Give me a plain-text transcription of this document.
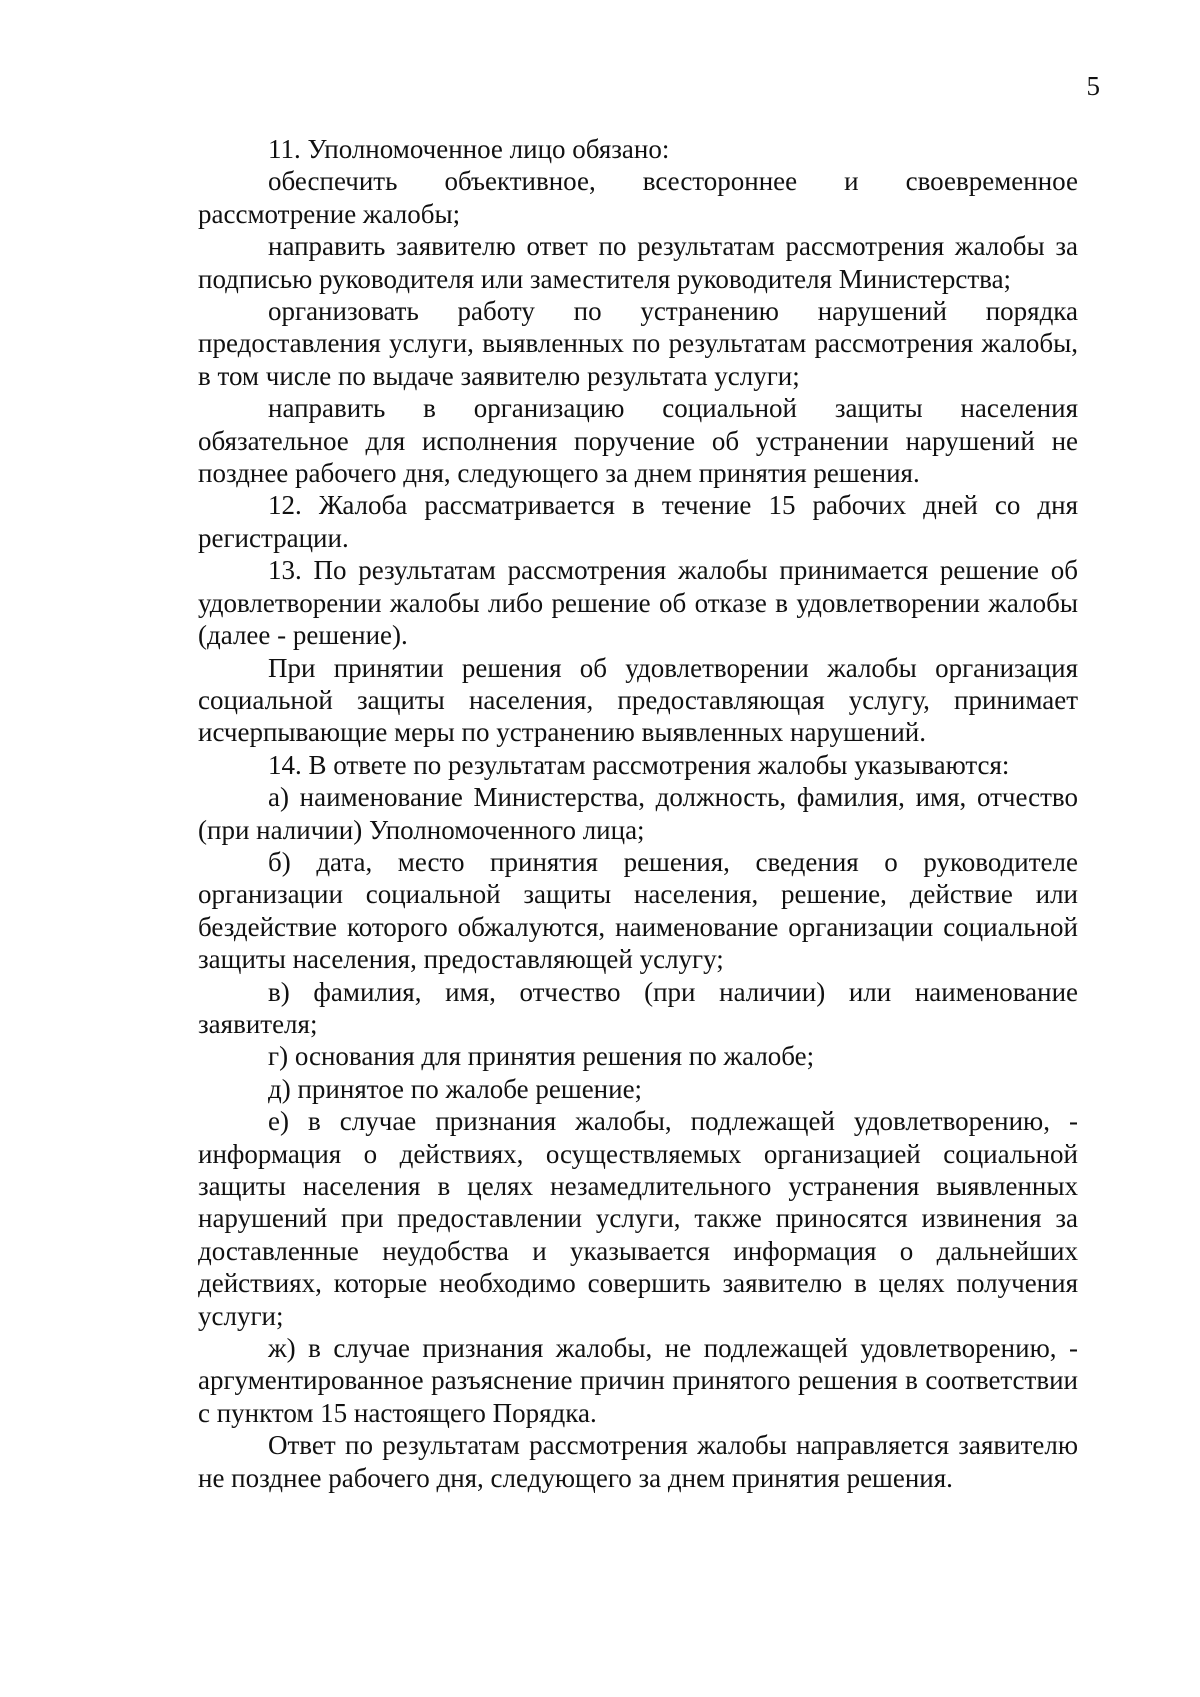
5

11. Уполномоченное лицо обязано:

обеспечить объективное, всестороннее и своевременное рассмотрение жалобы;

направить заявителю ответ по результатам рассмотрения жалобы за подписью руководителя или заместителя руководителя Министерства;

организовать работу по устранению нарушений порядка предоставления услуги, выявленных по результатам рассмотрения жалобы, в том числе по выдаче заявителю результата услуги;

направить в организацию социальной защиты населения обязательное для исполнения поручение об устранении нарушений не позднее рабочего дня, следующего за днем принятия решения.

12. Жалоба рассматривается в течение 15 рабочих дней со дня регистрации.

13. По результатам рассмотрения жалобы принимается решение об удовлетворении жалобы либо решение об отказе в удовлетворении жалобы (далее - решение).

При принятии решения об удовлетворении жалобы организация социальной защиты населения, предоставляющая услугу, принимает исчерпывающие меры по устранению выявленных нарушений.

14. В ответе по результатам рассмотрения жалобы указываются:

а) наименование Министерства, должность, фамилия, имя, отчество (при наличии) Уполномоченного лица;

б) дата, место принятия решения, сведения о руководителе организации социальной защиты населения, решение, действие или бездействие которого обжалуются, наименование организации социальной защиты населения, предоставляющей услугу;

в) фамилия, имя, отчество (при наличии) или наименование заявителя;

г) основания для принятия решения по жалобе;

д) принятое по жалобе решение;

е) в случае признания жалобы, подлежащей удовлетворению, - информация о действиях, осуществляемых организацией социальной защиты населения в целях незамедлительного устранения выявленных нарушений при предоставлении услуги, также приносятся извинения за доставленные неудобства и указывается информация о дальнейших действиях, которые необходимо совершить заявителю в целях получения услуги;

ж) в случае признания жалобы, не подлежащей удовлетворению, - аргументированное разъяснение причин принятого решения в соответствии с пунктом 15 настоящего Порядка.

Ответ по результатам рассмотрения жалобы направляется заявителю не позднее рабочего дня, следующего за днем принятия решения.
